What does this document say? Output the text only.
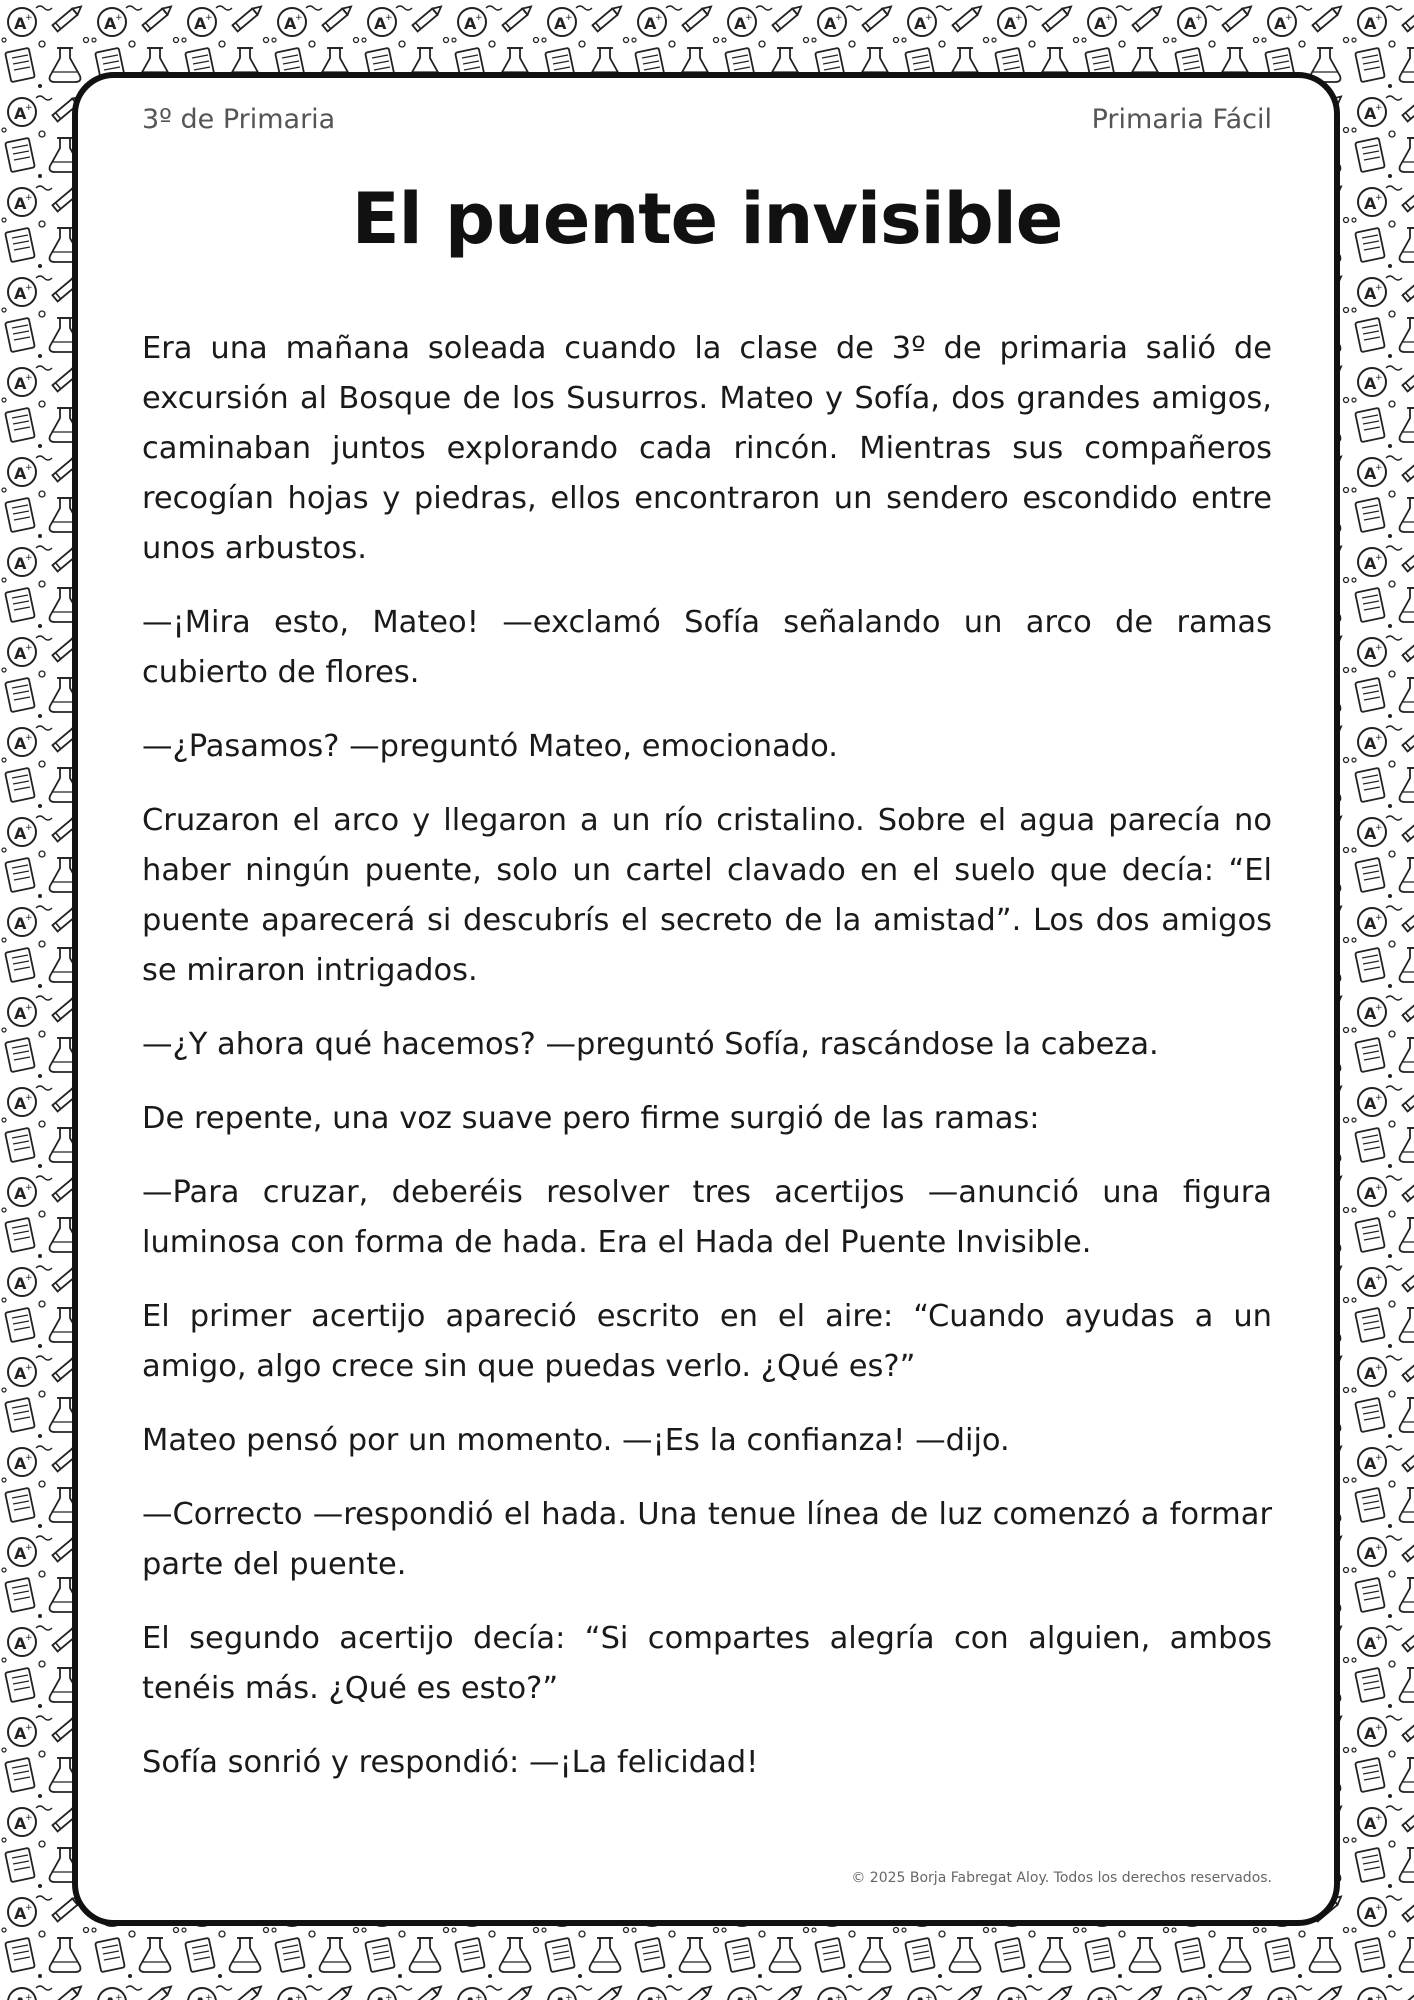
3º de Primaria	Primaria Fácil
El puente invisible

Era una mañana soleada cuando la clase de 3º de primaria salió de excursión al Bosque de los Susurros. Mateo y Sofía, dos grandes amigos, caminaban juntos explorando cada rincón. Mientras sus compañeros recogían hojas y piedras, ellos encontraron un sendero escondido entre unos arbustos.

—¡Mira esto, Mateo! —exclamó Sofía señalando un arco de ramas cubierto de flores.

—¿Pasamos? —preguntó Mateo, emocionado.

Cruzaron el arco y llegaron a un río cristalino. Sobre el agua parecía no haber ningún puente, solo un cartel clavado en el suelo que decía: “El puente aparecerá si descubrís el secreto de la amistad”. Los dos amigos se miraron intrigados.

—¿Y ahora qué hacemos? —preguntó Sofía, rascándose la cabeza.

De repente, una voz suave pero firme surgió de las ramas:

—Para cruzar, deberéis resolver tres acertijos —anunció una figura luminosa con forma de hada. Era el Hada del Puente Invisible.

El primer acertijo apareció escrito en el aire: “Cuando ayudas a un amigo, algo crece sin que puedas verlo. ¿Qué es?”

Mateo pensó por un momento. —¡Es la confianza! —dijo.

—Correcto —respondió el hada. Una tenue línea de luz comenzó a formar parte del puente.

El segundo acertijo decía: “Si compartes alegría con alguien, ambos tenéis más. ¿Qué es esto?”

Sofía sonrió y respondió: —¡La felicidad!

© 2025 Borja Fabregat Aloy. Todos los derechos reservados.
